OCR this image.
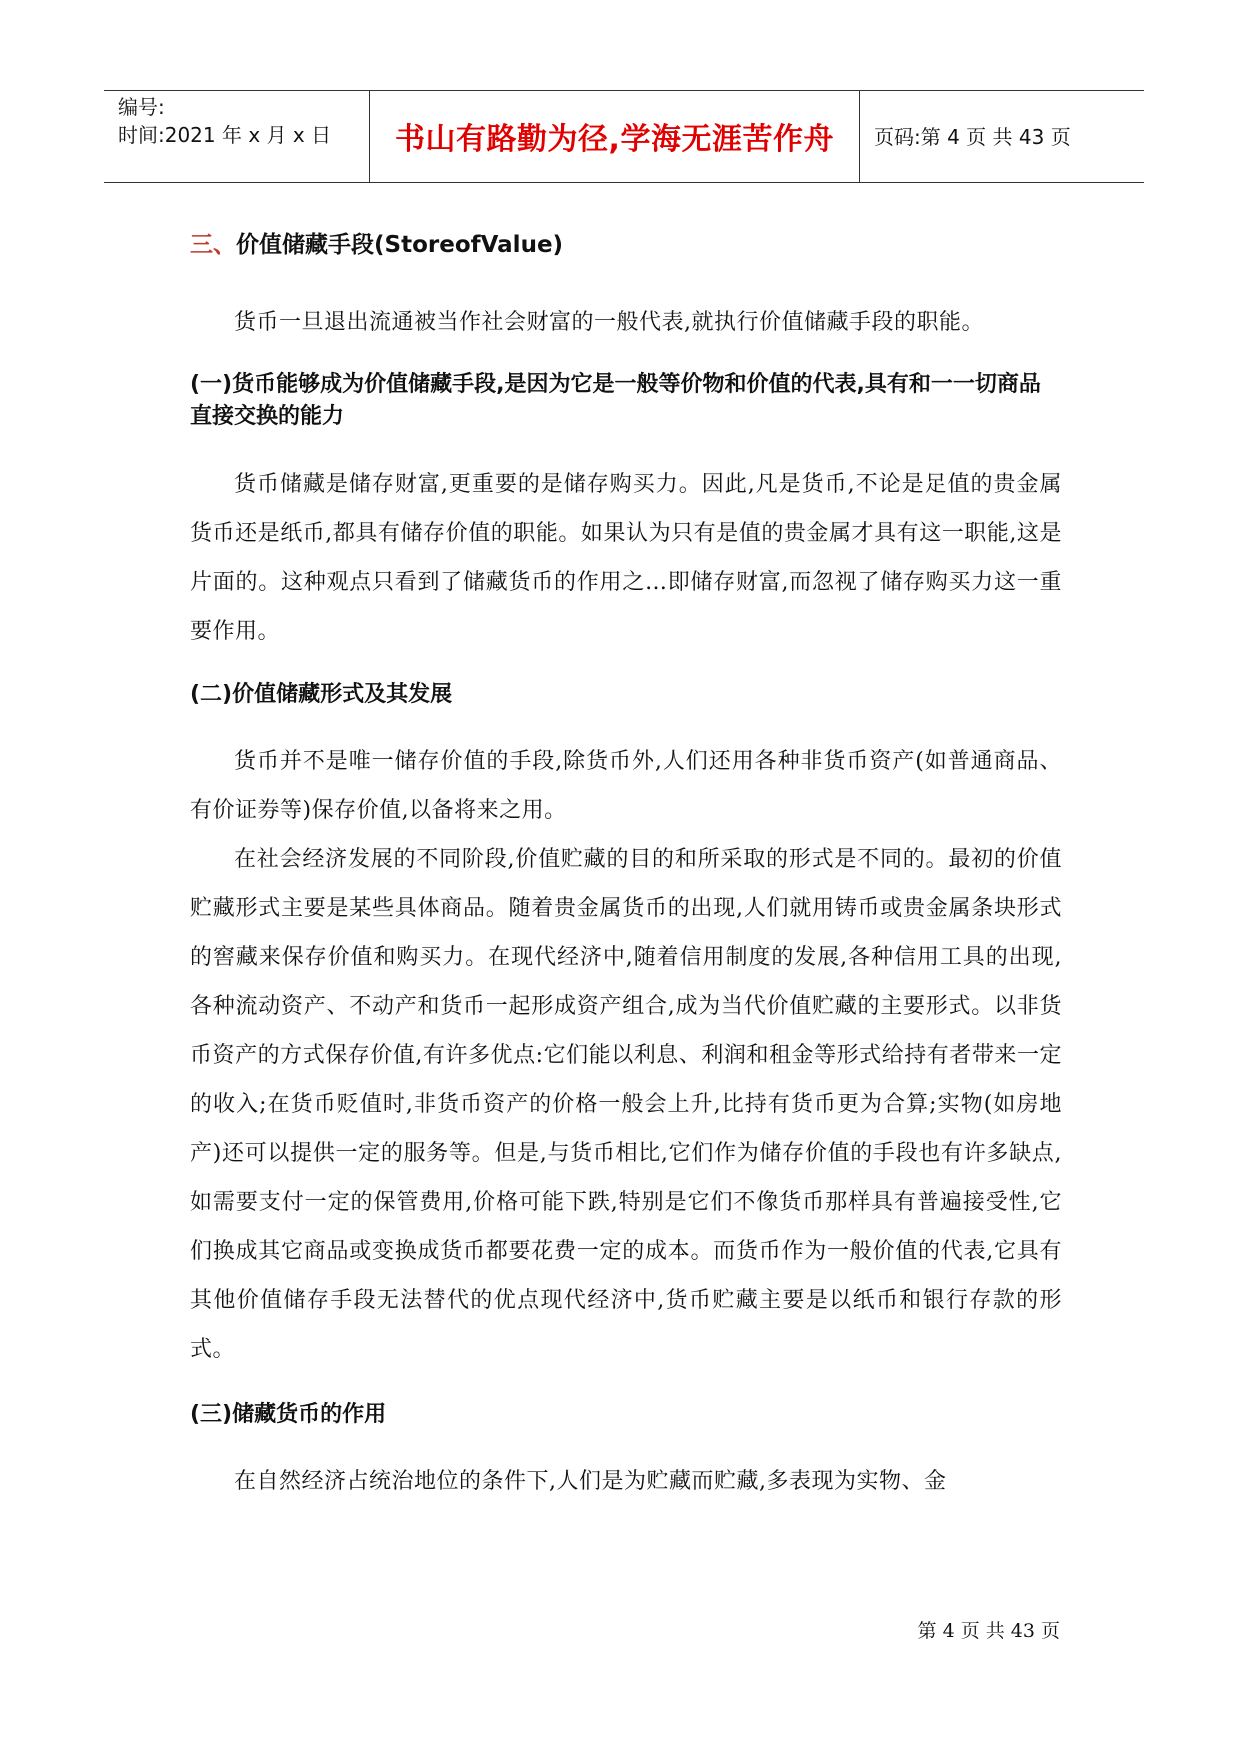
编号:
时间:2021 年 x 月 x 日	书山有路勤为径,学海无涯苦作舟	页码:第 4 页 共 43 页
三、价值储藏手段(StoreofValue)

货币一旦退出流通被当作社会财富的一般代表,就执行价值储藏手段的职能。

(一)货币能够成为价值储藏手段,是因为它是一般等价物和价值的代表,具有和一一切商品直接交换的能力

货币储藏是储存财富,更重要的是储存购买力。因此,凡是货币,不论是足值的贵金属货币还是纸币,都具有储存价值的职能。如果认为只有是值的贵金属才具有这一职能,这是片面的。这种观点只看到了储藏货币的作用之…即储存财富,而忽视了储存购买力这一重要作用。

(二)价值储藏形式及其发展

货币并不是唯一储存价值的手段,除货币外,人们还用各种非货币资产(如普通商品、有价证券等)保存价值,以备将来之用。

在社会经济发展的不同阶段,价值贮藏的目的和所采取的形式是不同的。最初的价值贮藏形式主要是某些具体商品。随着贵金属货币的出现,人们就用铸币或贵金属条块形式的窖藏来保存价值和购买力。在现代经济中,随着信用制度的发展,各种信用工具的出现,各种流动资产、不动产和货币一起形成资产组合,成为当代价值贮藏的主要形式。以非货币资产的方式保存价值,有许多优点:它们能以利息、利润和租金等形式给持有者带来一定的收入;在货币贬值时,非货币资产的价格一般会上升,比持有货币更为合算;实物(如房地产)还可以提供一定的服务等。但是,与货币相比,它们作为储存价值的手段也有许多缺点,如需要支付一定的保管费用,价格可能下跌,特别是它们不像货币那样具有普遍接受性,它们换成其它商品或变换成货币都要花费一定的成本。而货币作为一般价值的代表,它具有其他价值储存手段无法替代的优点现代经济中,货币贮藏主要是以纸币和银行存款的形式。

(三)储藏货币的作用

在自然经济占统治地位的条件下,人们是为贮藏而贮藏,多表现为实物、金

第 4 页 共 43 页
